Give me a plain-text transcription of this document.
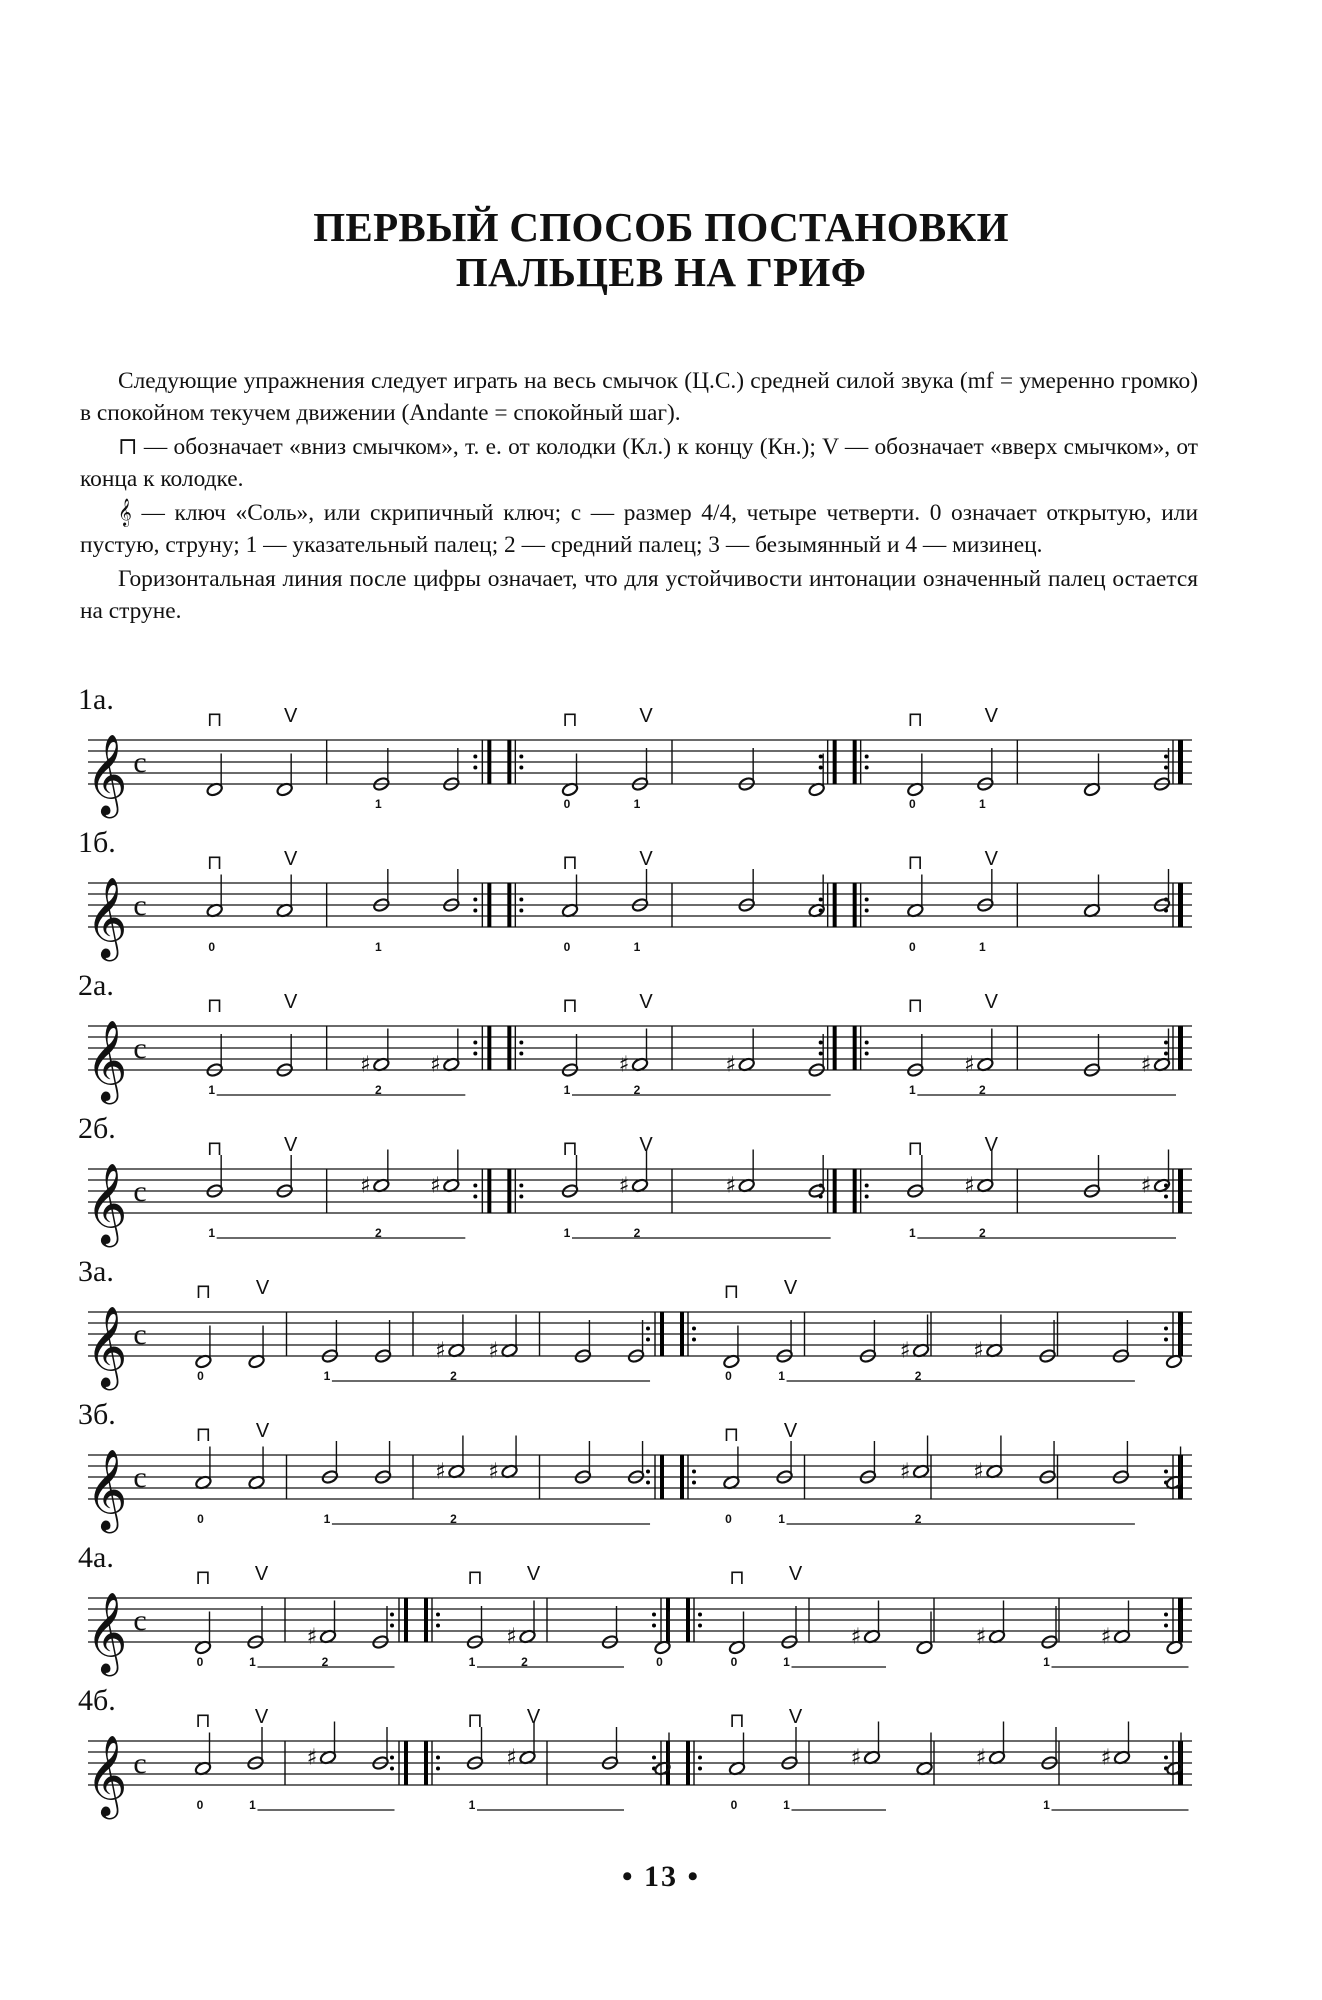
ПЕРВЫЙ СПОСОБ ПОСТАНОВКИ
ПАЛЬЦЕВ НА ГРИФ

Следующие упражнения следует играть на весь смычок (Ц.С.) средней силой звука (mf = умеренно громко) в спокойном текучем движении (Andante = спокойный шаг).

⊓ — обозначает «вниз смычком», т. е. от колодки (Кл.) к концу (Кн.); V — обозначает «вверх смычком», от конца к колодке.

𝄞 — ключ «Соль», или скрипичный ключ; c — размер 4/4, четыре четверти. 0 означает открытую, или пустую, струну; 1 — указательный палец; 2 — средний палец; 3 — безымянный и 4 — мизинец.

Горизонтальная линия после цифры означает, что для устойчивости интонации означенный палец остается на струне.

1a.
𝄞 c
⊓	V
1
⊓
0
V
1
⊓
0
V
1
1б.
𝄞 c
⊓
0
V
1
⊓
0
V
1
⊓
0
V
1
2a.
𝄞 c
⊓
1
V
♯
2
♯
⊓
1
♯
V
2
♯
⊓
1
♯
V
2
♯
2б.
𝄞 c
⊓
1
V
♯
2
♯
⊓
1
♯
V
2
♯
⊓
1
♯
V
2
♯
3a.
𝄞 c
⊓
0
V
1
♯
2
♯
⊓
0
V
1
♯
2
♯
3б.
𝄞 c
⊓
0
V
1
♯
2
♯
⊓
0
V
1
♯
2
♯
4a.
𝄞 c
⊓
0
V
1
♯
2
⊓
1
♯
V
2	0
⊓
0
V
1
♯	♯
1
♯
4б.
𝄞 c
⊓
0
V
1
♯
⊓
1
♯
V	⊓
0
V
1
♯	♯
1
♯
• 13 •
